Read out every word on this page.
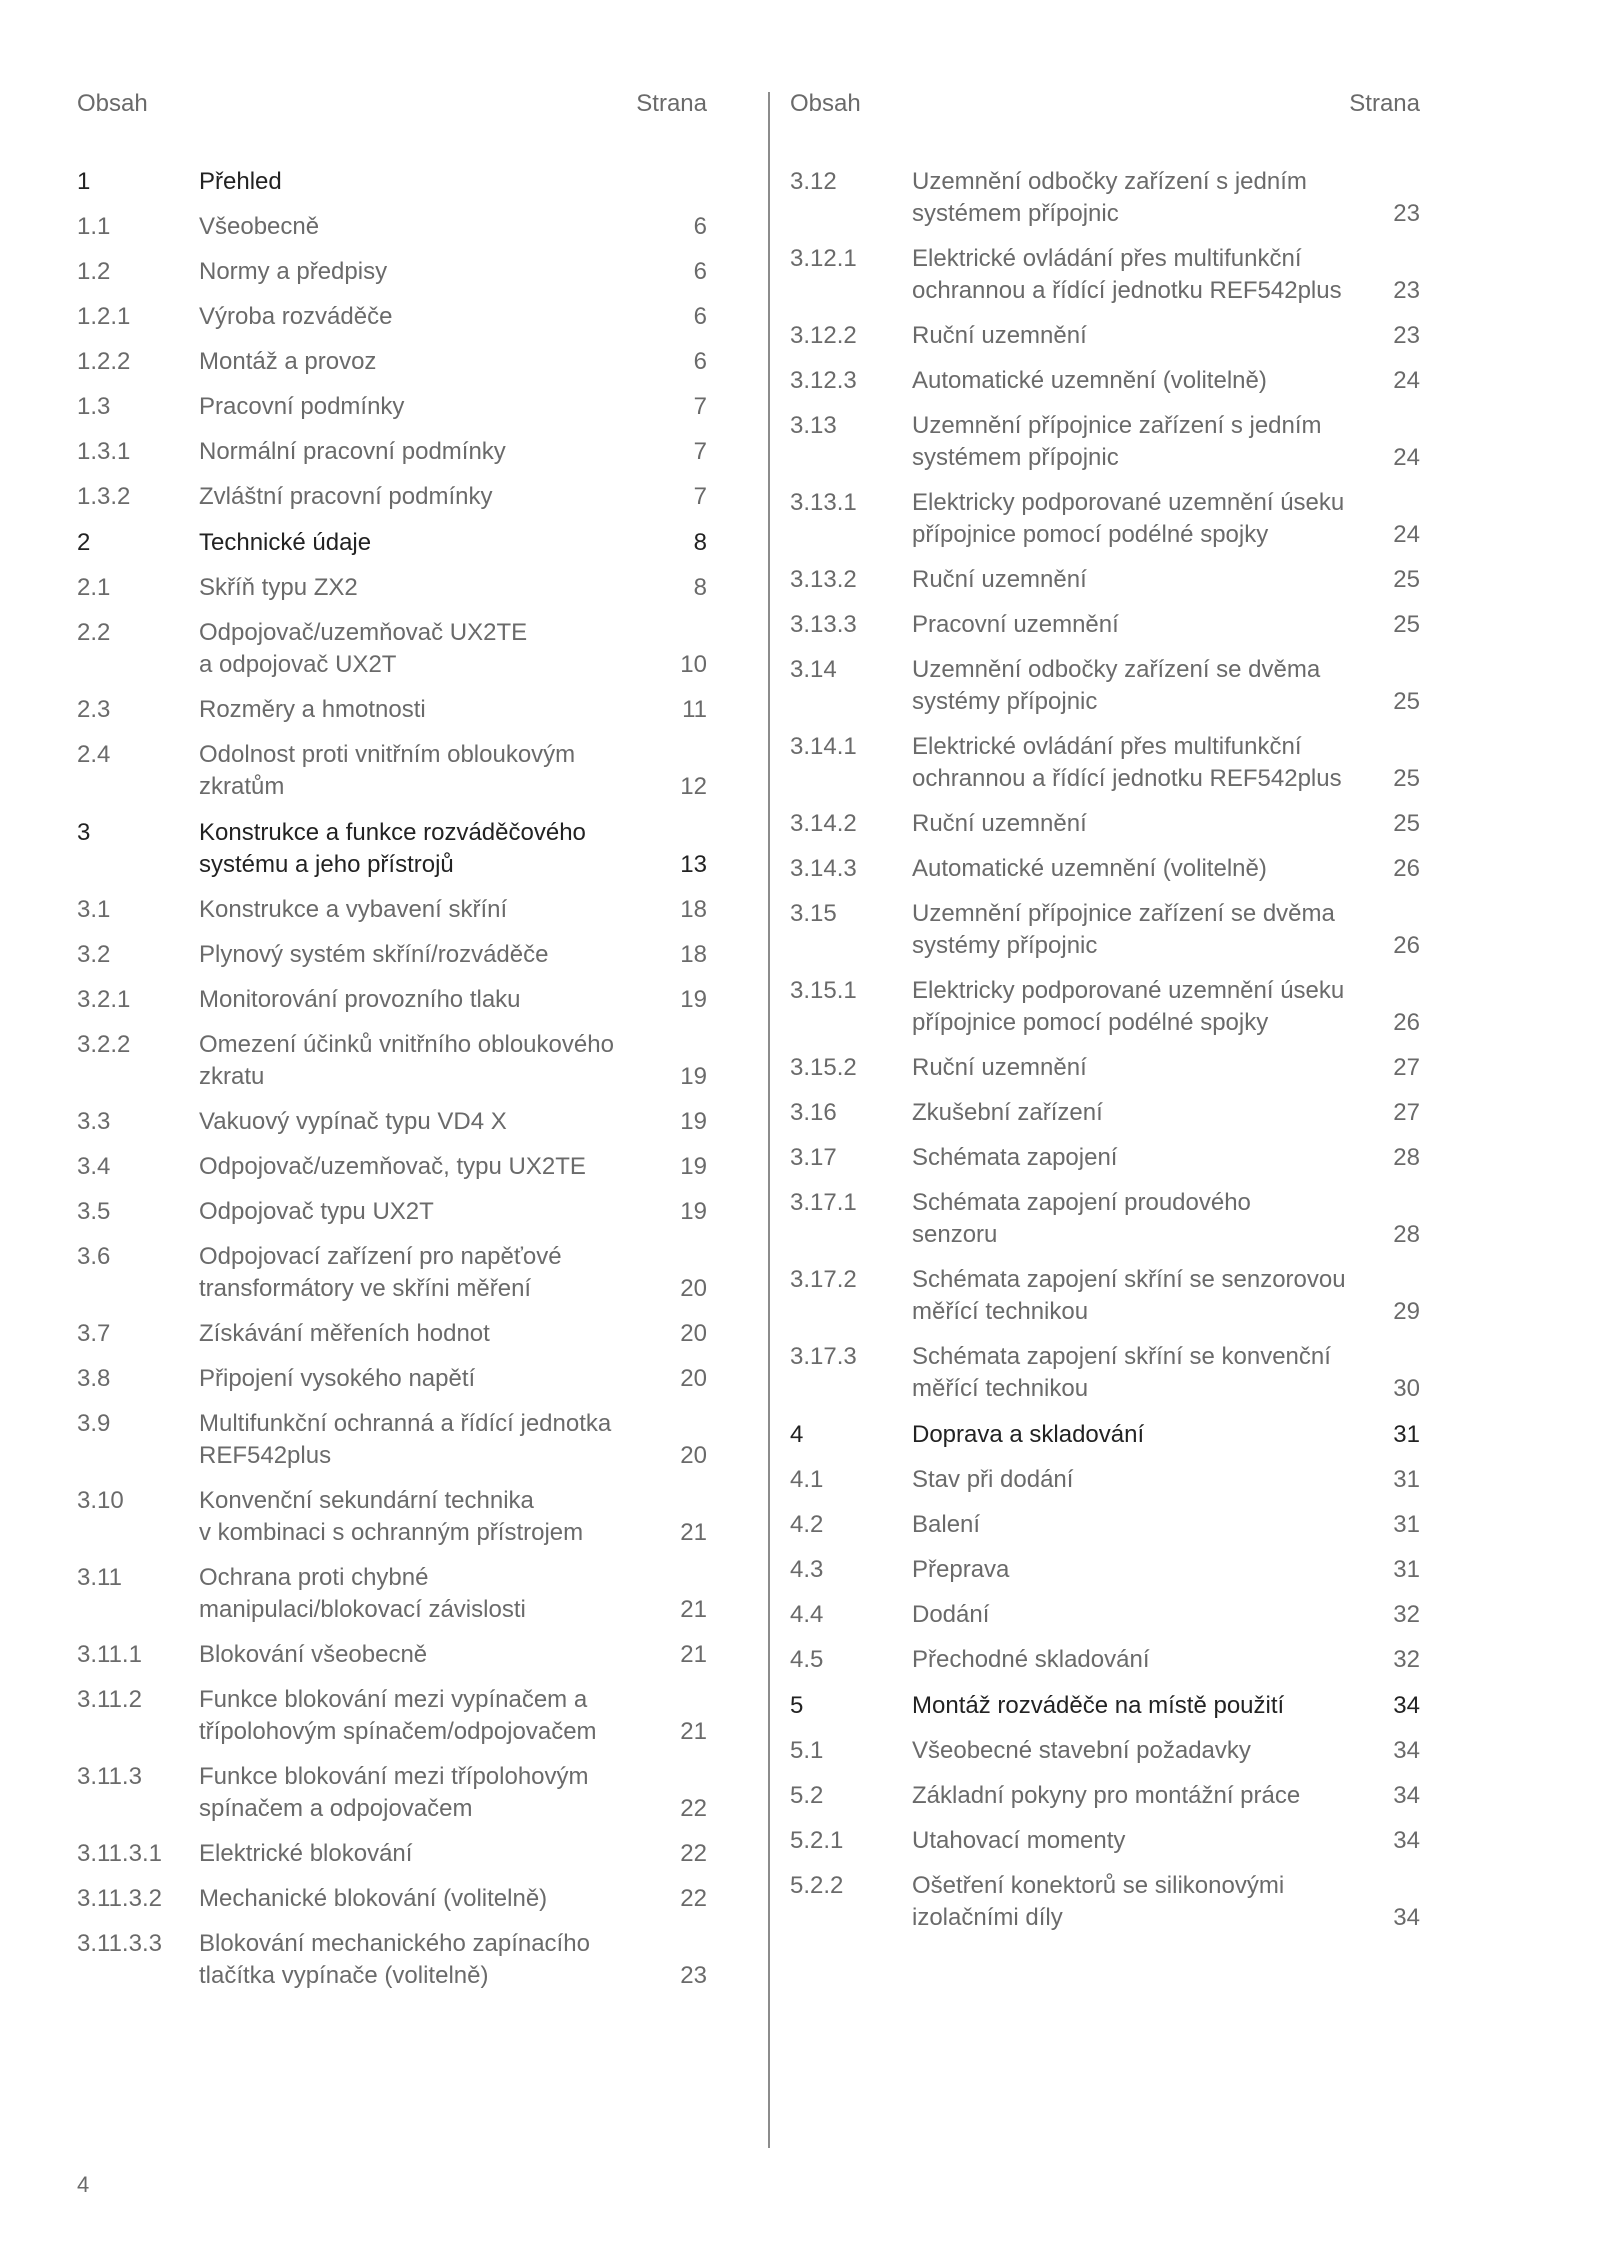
Obsah	Strana
1	Přehled
1.1	Všeobecně	6
1.2	Normy a předpisy	6
1.2.1	Výroba rozváděče	6
1.2.2	Montáž a provoz	6
1.3	Pracovní podmínky	7
1.3.1	Normální pracovní podmínky	7
1.3.2	Zvláštní pracovní podmínky	7
2	Technické údaje	8
2.1	Skříň typu ZX2	8
2.2	Odpojovač/uzemňovač UX2TE
a odpojovač UX2T	10
2.3	Rozměry a hmotnosti	11
2.4	Odolnost proti vnitřním obloukovým
zkratům	12
3	Konstrukce a funkce rozváděčového
systému a jeho přístrojů	13
3.1	Konstrukce a vybavení skříní	18
3.2	Plynový systém skříní/rozváděče	18
3.2.1	Monitorování provozního tlaku	19
3.2.2	Omezení účinků vnitřního obloukového
zkratu	19
3.3	Vakuový vypínač typu VD4 X	19
3.4	Odpojovač/uzemňovač, typu UX2TE	19
3.5	Odpojovač typu UX2T	19
3.6	Odpojovací zařízení pro napěťové
transformátory ve skříni měření	20
3.7	Získávání měřeních hodnot	20
3.8	Připojení vysokého napětí	20
3.9	Multifunkční ochranná a řídící jednotka
REF542plus	20
3.10	Konvenční sekundární technika
v kombinaci s ochranným přístrojem	21
3.11	Ochrana proti chybné
manipulaci/blokovací závislosti	21
3.11.1 Blokování všeobecně	21
3.11.2 Funkce blokování mezi vypínačem a
třípolohovým spínačem/odpojovačem	21
3.11.3 Funkce blokování mezi třípolohovým
spínačem a odpojovačem	22
3.11.3.1 Elektrické blokování	22
3.11.3.2 Mechanické blokování (volitelně)	22
3.11.3.3 Blokování mechanického zapínacího
tlačítka vypínače (volitelně)	23
Obsah	Strana
3.12	Uzemnění odbočky zařízení s jedním
systémem přípojnic	23
3.12.1 Elektrické ovládání přes multifunkční
ochrannou a řídící jednotku REF542plus	23
3.12.2 Ruční uzemnění	23
3.12.3 Automatické uzemnění (volitelně)	24
3.13	Uzemnění přípojnice zařízení s jedním
systémem přípojnic	24
3.13.1 Elektricky podporované uzemnění úseku
přípojnice pomocí podélné spojky	24
3.13.2 Ruční uzemnění	25
3.13.3 Pracovní uzemnění	25
3.14	Uzemnění odbočky zařízení se dvěma
systémy přípojnic	25
3.14.1 Elektrické ovládání přes multifunkční
ochrannou a řídící jednotku REF542plus	25
3.14.2 Ruční uzemnění	25
3.14.3 Automatické uzemnění (volitelně)	26
3.15	Uzemnění přípojnice zařízení se dvěma
systémy přípojnic	26
3.15.1 Elektricky podporované uzemnění úseku
přípojnice pomocí podélné spojky	26
3.15.2 Ruční uzemnění	27
3.16	Zkušební zařízení	27
3.17	Schémata zapojení	28
3.17.1 Schémata zapojení proudového
senzoru	28
3.17.2 Schémata zapojení skříní se senzorovou
měřící technikou	29
3.17.3 Schémata zapojení skříní se konvenční
měřící technikou	30
4	Doprava a skladování	31
4.1	Stav při dodání	31
4.2	Balení	31
4.3	Přeprava	31
4.4	Dodání	32
4.5	Přechodné skladování	32
5	Montáž rozváděče na místě použití	34
5.1	Všeobecné stavební požadavky	34
5.2	Základní pokyny pro montážní práce	34
5.2.1	Utahovací momenty	34
5.2.2	Ošetření konektorů se silikonovými
izolačními díly	34
4
